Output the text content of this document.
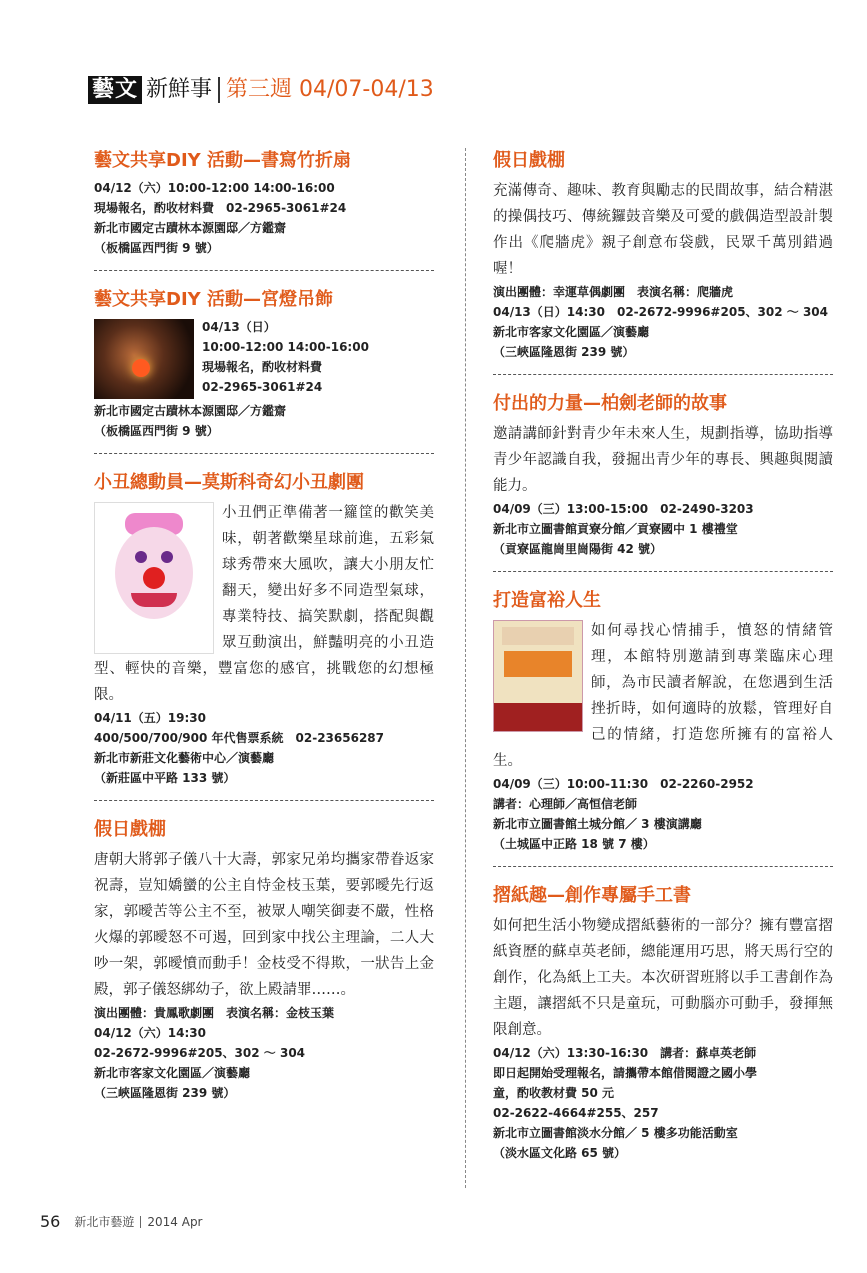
藝文 新鮮事 第三週 04/07-04/13
藝文共享DIY 活動—書寫竹折扇
04/12（六）10:00-12:00 14:00-16:00
現場報名，酌收材料費　02-2965-3061#24
新北市國定古蹟林本源園邸／方鑑齋
（板橋區西門街 9 號）
藝文共享DIY 活動—宮燈吊飾
04/13（日）
10:00-12:00 14:00-16:00
現場報名，酌收材料費
02-2965-3061#24
新北市國定古蹟林本源園邸／方鑑齋
（板橋區西門街 9 號）
小丑總動員—莫斯科奇幻小丑劇團
小丑們正準備著一籮筐的歡笑美味，朝著歡樂星球前進，五彩氣球秀帶來大風吹，讓大小朋友忙翻天，變出好多不同造型氣球，專業特技、搞笑默劇，搭配與觀眾互動演出，鮮豔明亮的小丑造型、輕快的音樂，豐富您的感官，挑戰您的幻想極限。
04/11（五）19:30
400/500/700/900 年代售票系統　02-23656287
新北市新莊文化藝術中心／演藝廳
（新莊區中平路 133 號）
假日戲棚
唐朝大將郭子儀八十大壽，郭家兄弟均攜家帶眷返家祝壽，豈知嬌蠻的公主自恃金枝玉葉，要郭曖先行返家，郭曖苦等公主不至，被眾人嘲笑御妻不嚴，性格火爆的郭曖怒不可遏，回到家中找公主理論，二人大吵一架，郭曖憤而動手！金枝受不得欺，一狀告上金殿，郭子儀怒綁幼子，欲上殿請罪……。
演出團體：貴鳳歌劇團　表演名稱：金枝玉葉
04/12（六）14:30
02-2672-9996#205、302 ～ 304
新北市客家文化園區／演藝廳
（三峽區隆恩街 239 號）
假日戲棚
充滿傳奇、趣味、教育與勵志的民間故事，結合精湛的操偶技巧、傳統鑼鼓音樂及可愛的戲偶造型設計製作出《爬牆虎》親子創意布袋戲，民眾千萬別錯過喔！
演出團體：幸運草偶劇團　表演名稱：爬牆虎
04/13（日）14:30　02-2672-9996#205、302 ～ 304
新北市客家文化園區／演藝廳
（三峽區隆恩街 239 號）
付出的力量—柏劍老師的故事
邀請講師針對青少年未來人生，規劃指導，協助指導青少年認識自我，發掘出青少年的專長、興趣與閱讀能力。
04/09（三）13:00-15:00　02-2490-3203
新北市立圖書館貢寮分館／貢寮國中 1 樓禮堂
（貢寮區龍崗里崗陽街 42 號）
打造富裕人生
如何尋找心情捕手，憤怒的情緒管理，本館特別邀請到專業臨床心理師，為市民讀者解說，在您遇到生活挫折時，如何適時的放鬆，管理好自己的情緒，打造您所擁有的富裕人生。
04/09（三）10:00-11:30　02-2260-2952
講者：心理師／高恒信老師
新北市立圖書館土城分館／ 3 樓演講廳
（土城區中正路 18 號 7 樓）
摺紙趣—創作專屬手工書
如何把生活小物變成摺紙藝術的一部分？擁有豐富摺紙資歷的蘇卓英老師，總能運用巧思，將天馬行空的創作，化為紙上工夫。本次研習班將以手工書創作為主題，讓摺紙不只是童玩，可動腦亦可動手，發揮無限創意。
04/12（六）13:30-16:30　講者：蘇卓英老師
即日起開始受理報名，請攜帶本館借閱證之國小學
童，酌收教材費 50 元
02-2622-4664#255、257
新北市立圖書館淡水分館／ 5 樓多功能活動室
（淡水區文化路 65 號）
56 新北市藝遊 2014 Apr
